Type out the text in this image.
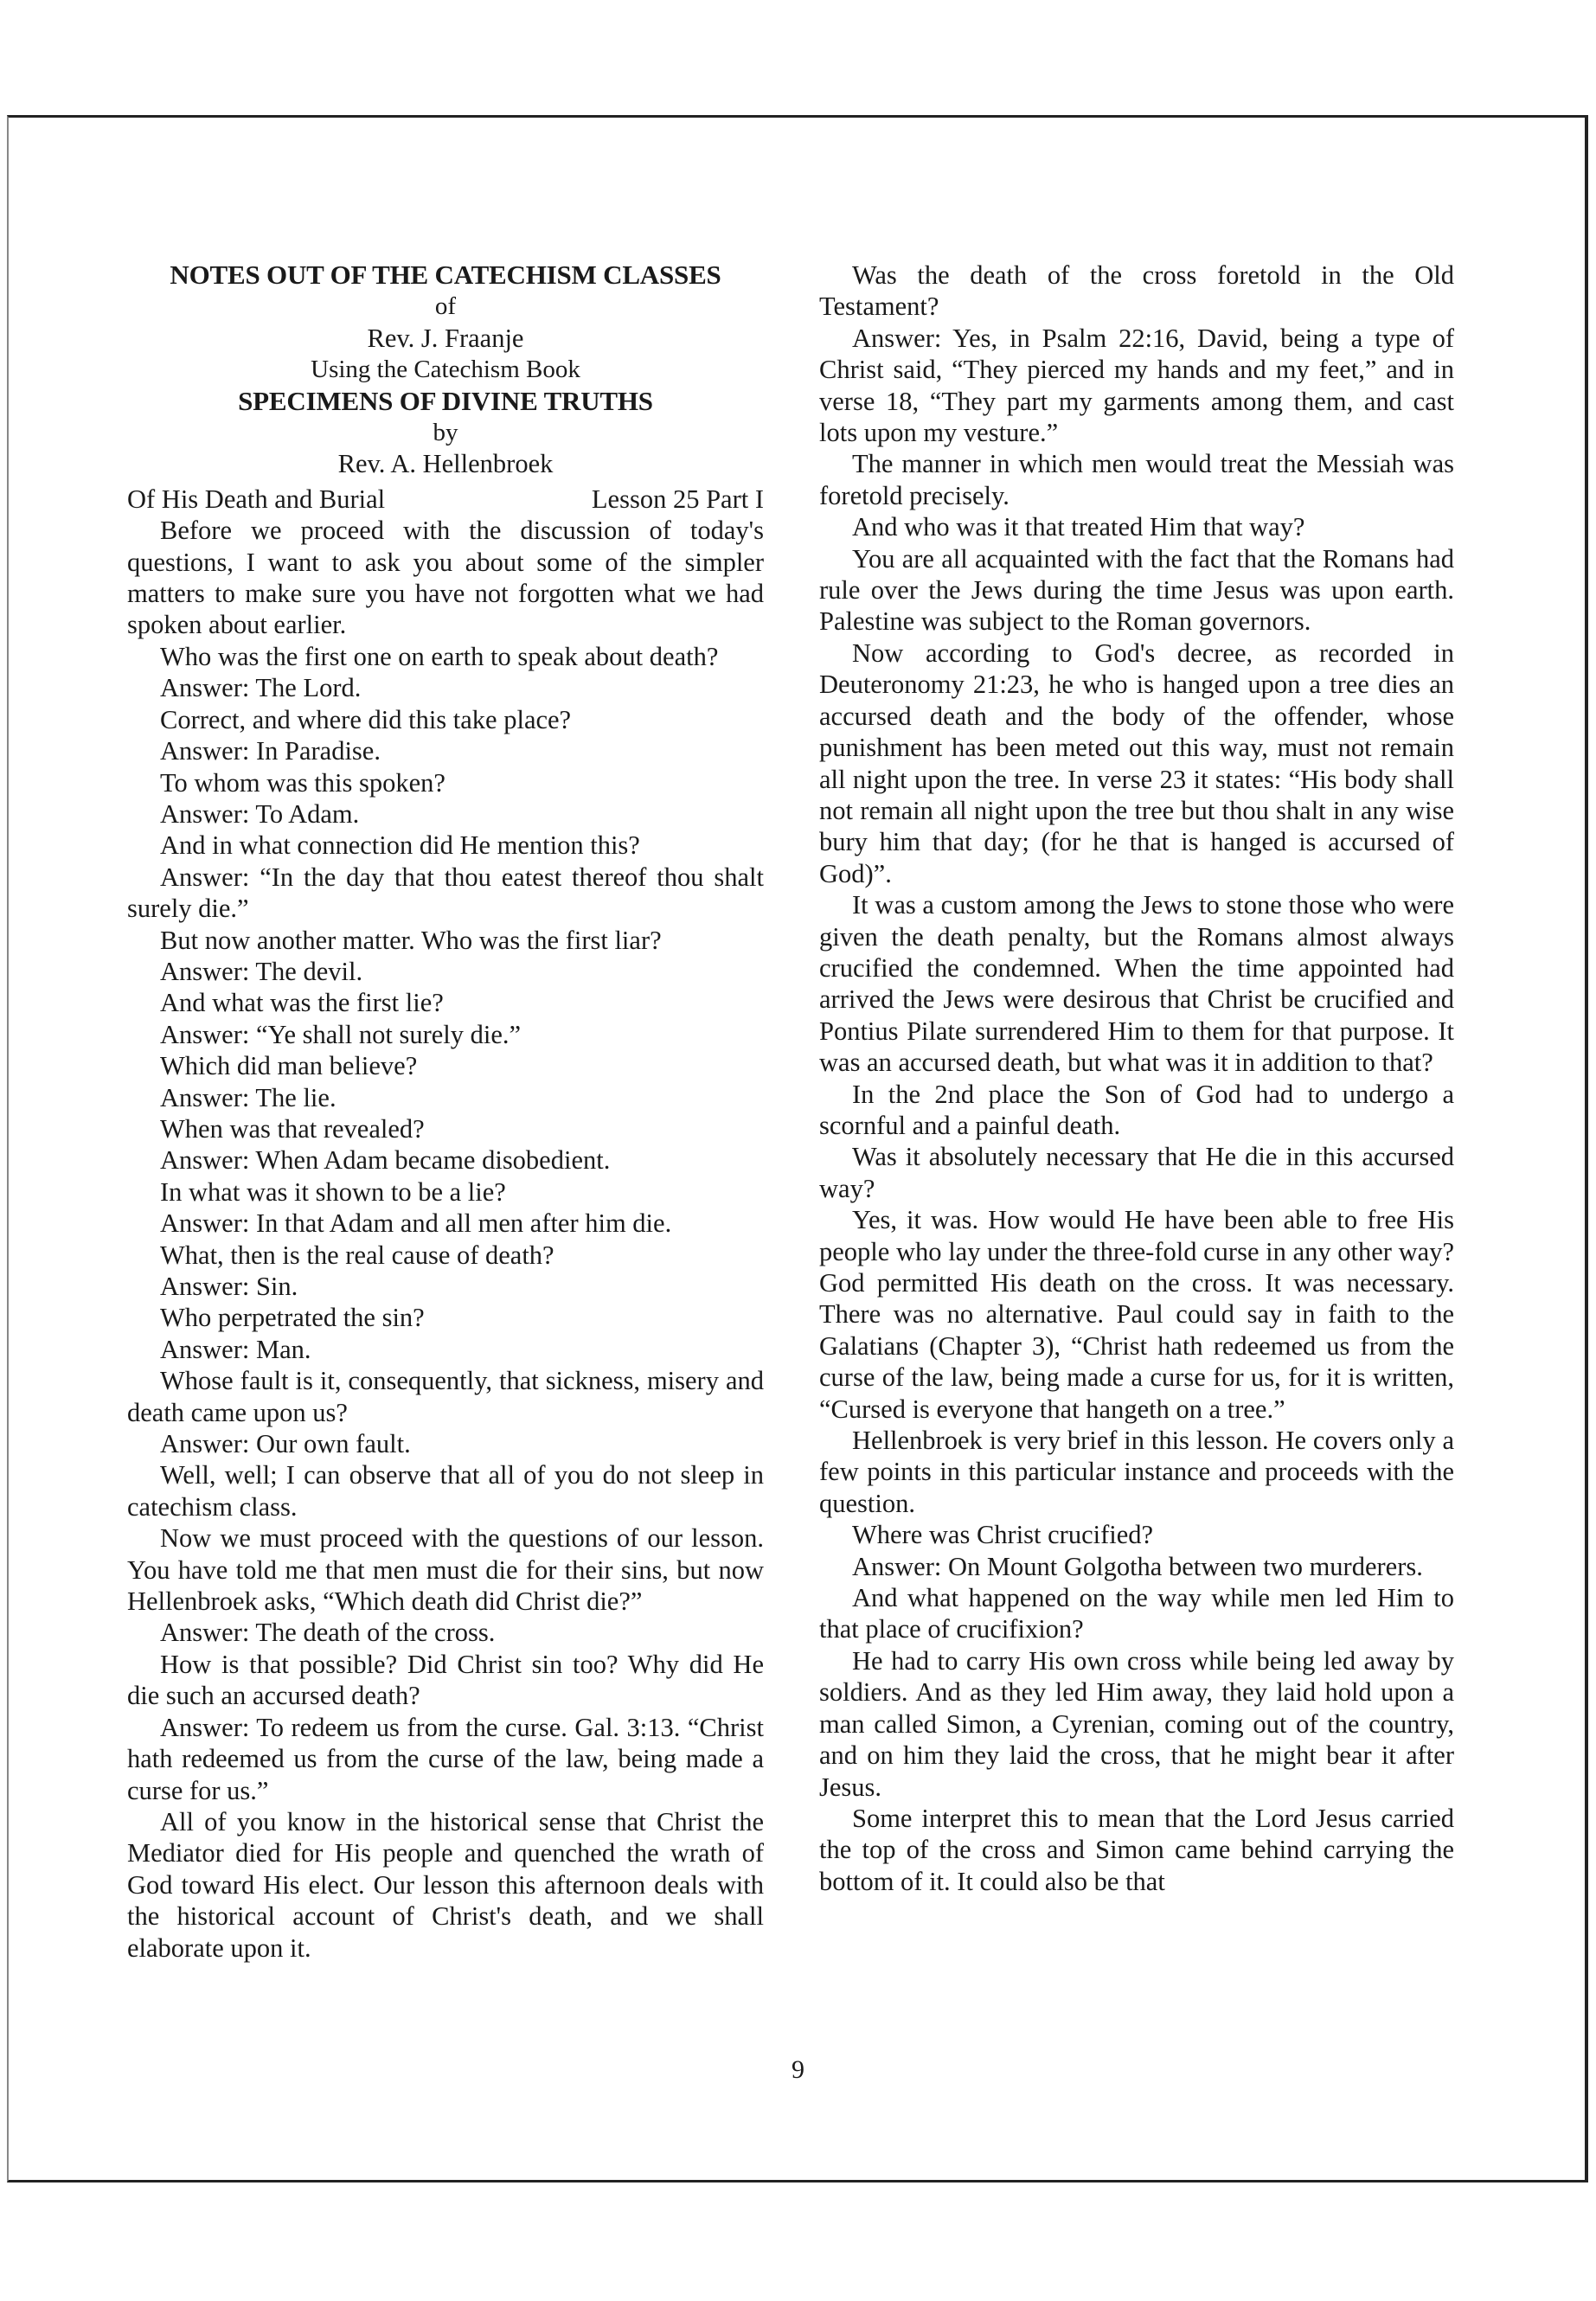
NOTES OUT OF THE CATECHISM CLASSES
of
Rev. J. Fraanje
Using the Catechism Book
SPECIMENS OF DIVINE TRUTHS
by
Rev. A. Hellenbroek
Of His Death and Burial	Lesson 25 Part I

Before we proceed with the discussion of today's questions, I want to ask you about some of the simpler matters to make sure you have not forgotten what we had spoken about earlier.

Who was the first one on earth to speak about death?

Answer: The Lord.

Correct, and where did this take place?

Answer: In Paradise.

To whom was this spoken?

Answer: To Adam.

And in what connection did He mention this?

Answer: “In the day that thou eatest thereof thou shalt surely die.”

But now another matter. Who was the first liar?

Answer: The devil.

And what was the first lie?

Answer: “Ye shall not surely die.”

Which did man believe?

Answer: The lie.

When was that revealed?

Answer: When Adam became disobedient.

In what was it shown to be a lie?

Answer: In that Adam and all men after him die.

What, then is the real cause of death?

Answer: Sin.

Who perpetrated the sin?

Answer: Man.

Whose fault is it, consequently, that sickness, misery and death came upon us?

Answer: Our own fault.

Well, well; I can observe that all of you do not sleep in catechism class.

Now we must proceed with the questions of our lesson. You have told me that men must die for their sins, but now Hellenbroek asks, “Which death did Christ die?”

Answer: The death of the cross.

How is that possible? Did Christ sin too? Why did He die such an accursed death?

Answer: To redeem us from the curse. Gal. 3:13. “Christ hath redeemed us from the curse of the law, being made a curse for us.”

All of you know in the historical sense that Christ the Mediator died for His people and quenched the wrath of God toward His elect. Our lesson this afternoon deals with the historical account of Christ's death, and we shall elaborate upon it.

Was the death of the cross foretold in the Old Testament?

Answer: Yes, in Psalm 22:16, David, being a type of Christ said, “They pierced my hands and my feet,” and in verse 18, “They part my garments among them, and cast lots upon my vesture.”

The manner in which men would treat the Messiah was foretold precisely.

And who was it that treated Him that way?

You are all acquainted with the fact that the Romans had rule over the Jews during the time Jesus was upon earth. Palestine was subject to the Roman governors.

Now according to God's decree, as recorded in Deuteronomy 21:23, he who is hanged upon a tree dies an accursed death and the body of the offender, whose punishment has been meted out this way, must not remain all night upon the tree. In verse 23 it states: “His body shall not remain all night upon the tree but thou shalt in any wise bury him that day; (for he that is hanged is accursed of God)”.

It was a custom among the Jews to stone those who were given the death penalty, but the Romans almost always crucified the condemned. When the time appointed had arrived the Jews were desirous that Christ be crucified and Pontius Pilate surrendered Him to them for that purpose. It was an accursed death, but what was it in addition to that?

In the 2nd place the Son of God had to undergo a scornful and a painful death.

Was it absolutely necessary that He die in this accursed way?

Yes, it was. How would He have been able to free His people who lay under the three-fold curse in any other way? God permitted His death on the cross. It was necessary. There was no alternative. Paul could say in faith to the Galatians (Chapter 3), “Christ hath redeemed us from the curse of the law, being made a curse for us, for it is written, “Cursed is everyone that hangeth on a tree.”

Hellenbroek is very brief in this lesson. He covers only a few points in this particular instance and proceeds with the question.

Where was Christ crucified?

Answer: On Mount Golgotha between two murderers.

And what happened on the way while men led Him to that place of crucifixion?

He had to carry His own cross while being led away by soldiers. And as they led Him away, they laid hold upon a man called Simon, a Cyrenian, coming out of the country, and on him they laid the cross, that he might bear it after Jesus.

Some interpret this to mean that the Lord Jesus carried the top of the cross and Simon came behind carrying the bottom of it. It could also be that

9
